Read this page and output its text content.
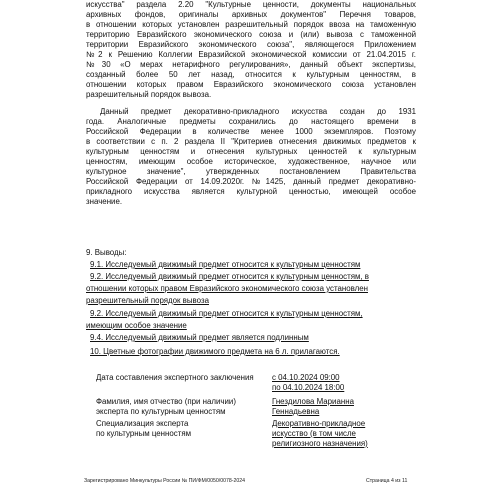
искусства" раздела 2.20 "Культурные ценности, документы национальных
архивных фондов, оригиналы архивных документов" Перечня товаров,
в отношении которых установлен разрешительный порядок ввоза на таможенную
территорию Евразийского экономического союза и (или) вывоза с таможенной
территории Евразийского экономического союза", являющегося Приложением
№2 к Решению Коллегии Евразийской экономической комиссии от 21.04.2015 г.
№30 «О мерах нетарифного регулирования», данный объект экспертизы,
созданный более 50 лет назад, относится к культурным ценностям, в
отношении которых правом Евразийского экономического союза установлен
разрешительный порядок вывоза.
Данный предмет декоративно-прикладного искусства создан до 1931
года. Аналогичные предметы сохранились до настоящего времени в
Российской Федерации в количестве менее 1000 экземпляров. Поэтому
в соответствии с п. 2 раздела II "Критериев отнесения движимых предметов к
культурным ценностям и отнесения культурных ценностей к культурным
ценностям, имеющим особое историческое, художественное, научное или
культурное значение", утвержденных постановлением Правительства
Российской Федерации от 14.09.2020г. №1425, данный предмет декоративно-
прикладного искусства является культурной ценностью, имеющей особое
значение.
9. Выводы:
9.1. Исследуемый движимый предмет относится к культурным ценностям
9.2. Исследуемый движимый предмет относится к культурным ценностям, в
отношении которых правом Евразийского экономического союза установлен
разрешительный порядок вывоза
9.2. Исследуемый движимый предмет относится к культурным ценностям,
имеющим особое значение
9.4. Исследуемый движимый предмет является подлинным
10. Цветные фотографии движимого предмета на 6 л. прилагаются.
Дата составления экспертного заключения с 04.10.2024 09:00
по 04.10.2024 18:00
Фамилия, имя отчество (при наличии)
эксперта по культурным ценностям
Гнездилова Марианна
Геннадьевна
Специализация эксперта
по культурным ценностям
Декоративно-прикладное
искусство (в том числе
религиозного назначения)
Зарегистрировано Минкультуры России № ПИ/ФМ/0050/0078-2024	Страница 4 из 11
